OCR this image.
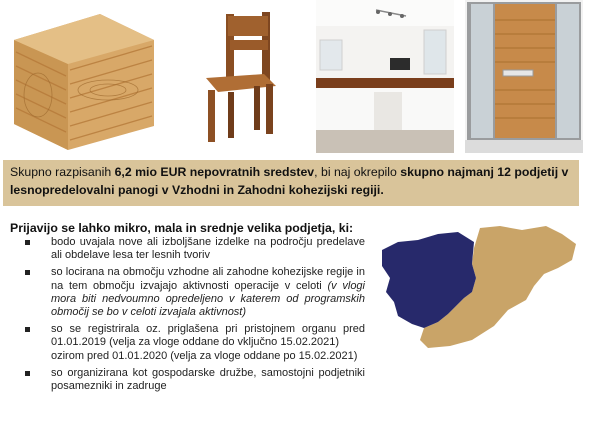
Skupno razpisanih 6,2 mio EUR nepovratnih sredstev, bi naj okrepilo skupno najmanj 12 podjetij v lesnopredelovalni panogi v Vzhodni in Zahodni kohezijski regiji.
Prijavijo se lahko mikro, mala in srednje velika podjetja, ki:
bodo uvajala nove ali izboljšane izdelke na področju predelave ali obdelave lesa ter lesnih tvoriv
so locirana na območju vzhodne ali zahodne kohezijske regije in na tem območju izvajajo aktivnosti operacije v celoti (v vlogi mora biti nedvoumno opredeljeno v katerem od programskih območij se bo v celoti izvajala aktivnost)
so se registrirala oz. priglašena pri pristojnem organu pred 01.01.2019 (velja za vloge oddane do vključno 15.02.2021)
ozirom pred 01.01.2020 (velja za vloge oddane po 15.02.2021)
so organizirana kot gospodarske družbe, samostojni podjetniki posamezniki in zadruge
